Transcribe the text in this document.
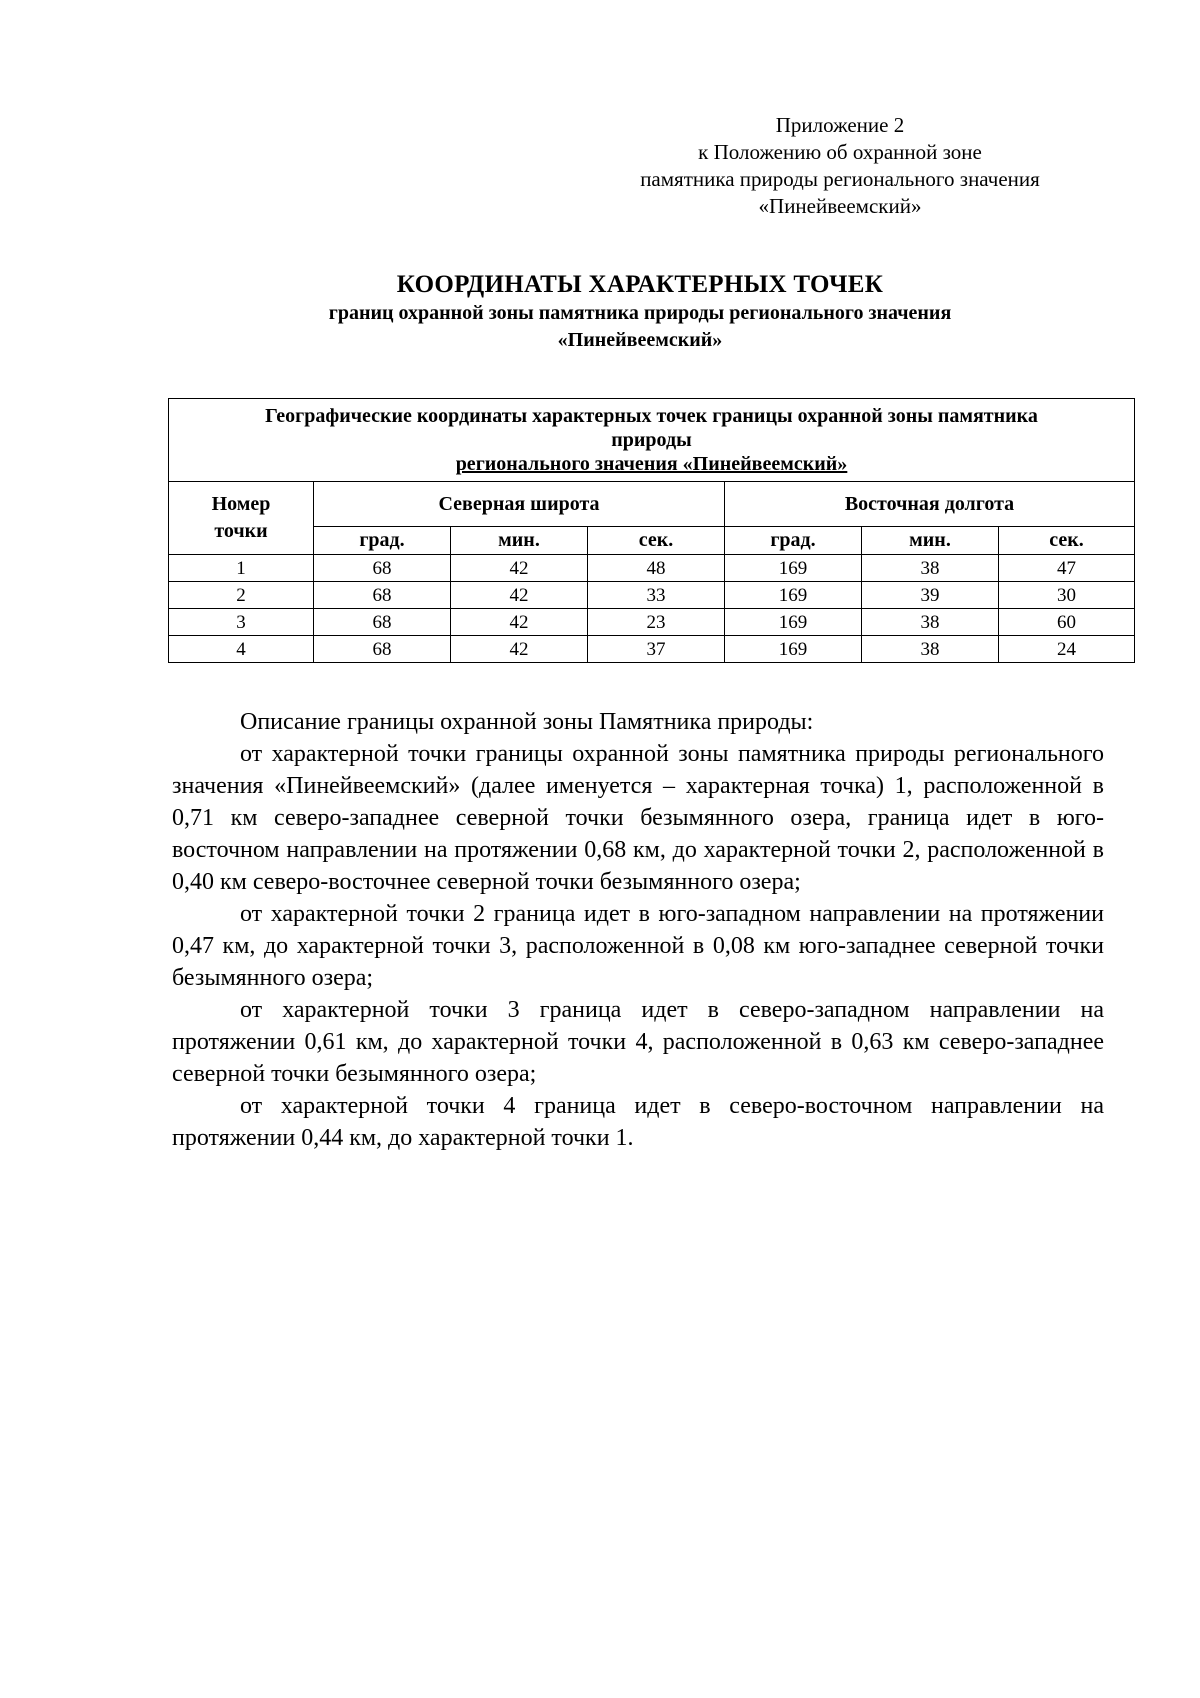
Приложение 2
к Положению об охранной зоне
памятника природы регионального значения
«Пинейвеемский»
КООРДИНАТЫ ХАРАКТЕРНЫХ ТОЧЕК
границ охранной зоны памятника природы регионального значения
«Пинейвеемский»
Географические координаты характерных точек границы охранной зоны памятника
природы
регионального значения «Пинейвеемский»						

Номер точки	Северная широта			Восточная долгота		
	град.	мин.	сек.	град.	мин.	сек.
1	68	42	48	169	38	47
2	68	42	33	169	39	30
3	68	42	23	169	38	60
4	68	42	37	169	38	24

Описание границы охранной зоны Памятника природы:

от характерной точки границы охранной зоны памятника природы регионального значения «Пинейвеемский» (далее именуется – характерная точка) 1, расположенной в 0,71 км северо-западнее северной точки безымянного озера, граница идет в юго-восточном направлении на протяжении 0,68 км, до характерной точки 2, расположенной в 0,40 км северо-восточнее северной точки безымянного озера;

от характерной точки 2 граница идет в юго-западном направлении на протяжении 0,47 км, до характерной точки 3, расположенной в 0,08 км юго-западнее северной точки безымянного озера;

от характерной точки 3 граница идет в северо-западном направлении на протяжении 0,61 км, до характерной точки 4, расположенной в 0,63 км северо-западнее северной точки безымянного озера;

от характерной точки 4 граница идет в северо-восточном направлении на протяжении 0,44 км, до характерной точки 1.
